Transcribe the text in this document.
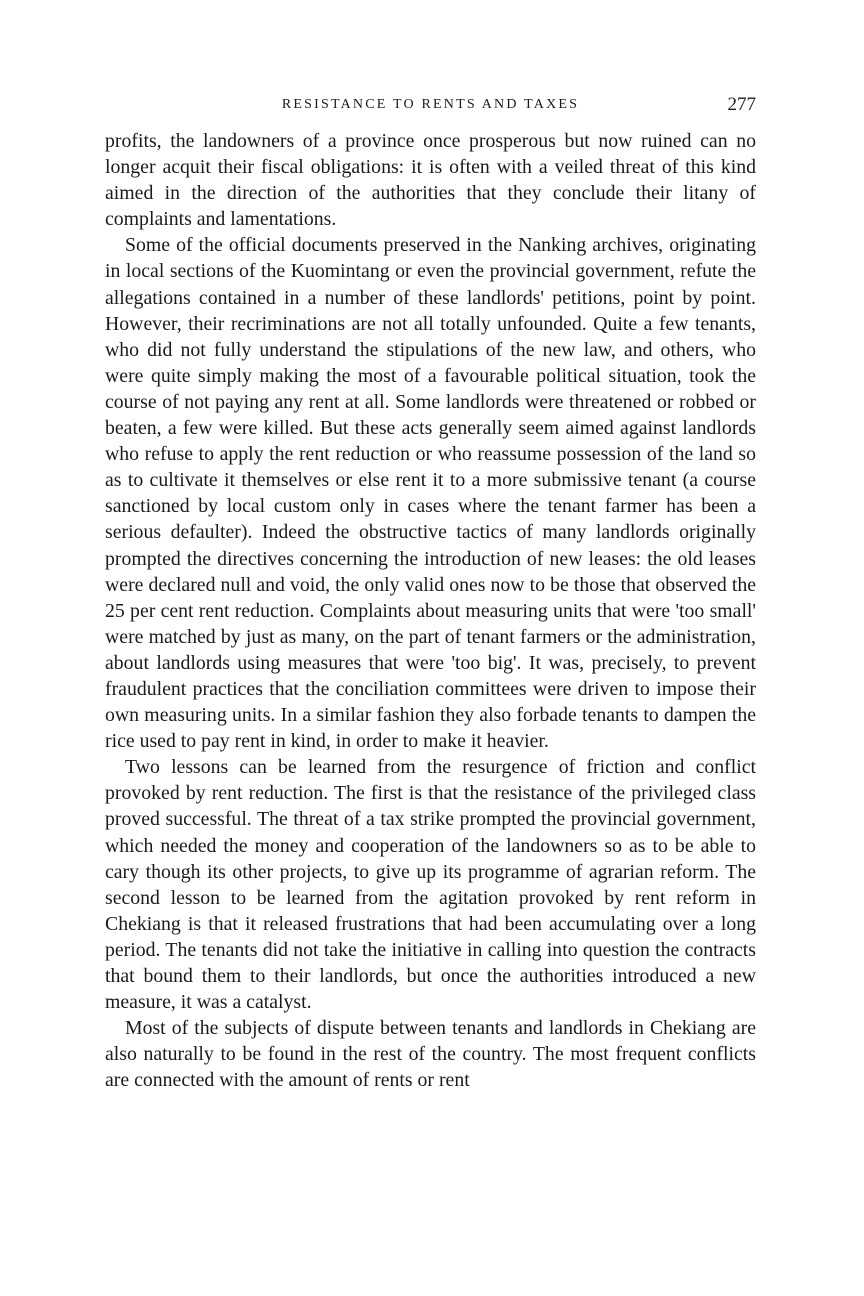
RESISTANCE TO RENTS AND TAXES	277

profits, the landowners of a province once prosperous but now ruined can no longer acquit their fiscal obligations: it is often with a veiled threat of this kind aimed in the direction of the authorities that they conclude their litany of complaints and lamentations.

Some of the official documents preserved in the Nanking archives, originating in local sections of the Kuomintang or even the provincial government, refute the allegations contained in a number of these landlords' petitions, point by point. However, their recriminations are not all totally unfounded. Quite a few tenants, who did not fully understand the stipulations of the new law, and others, who were quite simply making the most of a favourable political situation, took the course of not paying any rent at all. Some landlords were threatened or robbed or beaten, a few were killed. But these acts generally seem aimed against landlords who refuse to apply the rent reduction or who reassume possession of the land so as to cultivate it themselves or else rent it to a more submissive tenant (a course sanctioned by local custom only in cases where the tenant farmer has been a serious defaulter). Indeed the obstructive tactics of many landlords originally prompted the directives concerning the introduction of new leases: the old leases were declared null and void, the only valid ones now to be those that observed the 25 per cent rent reduction. Complaints about measuring units that were 'too small' were matched by just as many, on the part of tenant farmers or the administration, about landlords using measures that were 'too big'. It was, precisely, to prevent fraudulent practices that the conciliation committees were driven to impose their own measuring units. In a similar fashion they also forbade tenants to dampen the rice used to pay rent in kind, in order to make it heavier.

Two lessons can be learned from the resurgence of friction and conflict provoked by rent reduction. The first is that the resistance of the privileged class proved successful. The threat of a tax strike prompted the provincial government, which needed the money and cooperation of the landowners so as to be able to cary though its other projects, to give up its programme of agrarian reform. The second lesson to be learned from the agitation provoked by rent reform in Chekiang is that it released frustrations that had been accumulating over a long period. The tenants did not take the initiative in calling into question the contracts that bound them to their landlords, but once the authorities introduced a new measure, it was a catalyst.

Most of the subjects of dispute between tenants and landlords in Chekiang are also naturally to be found in the rest of the country. The most frequent conflicts are connected with the amount of rents or rent
